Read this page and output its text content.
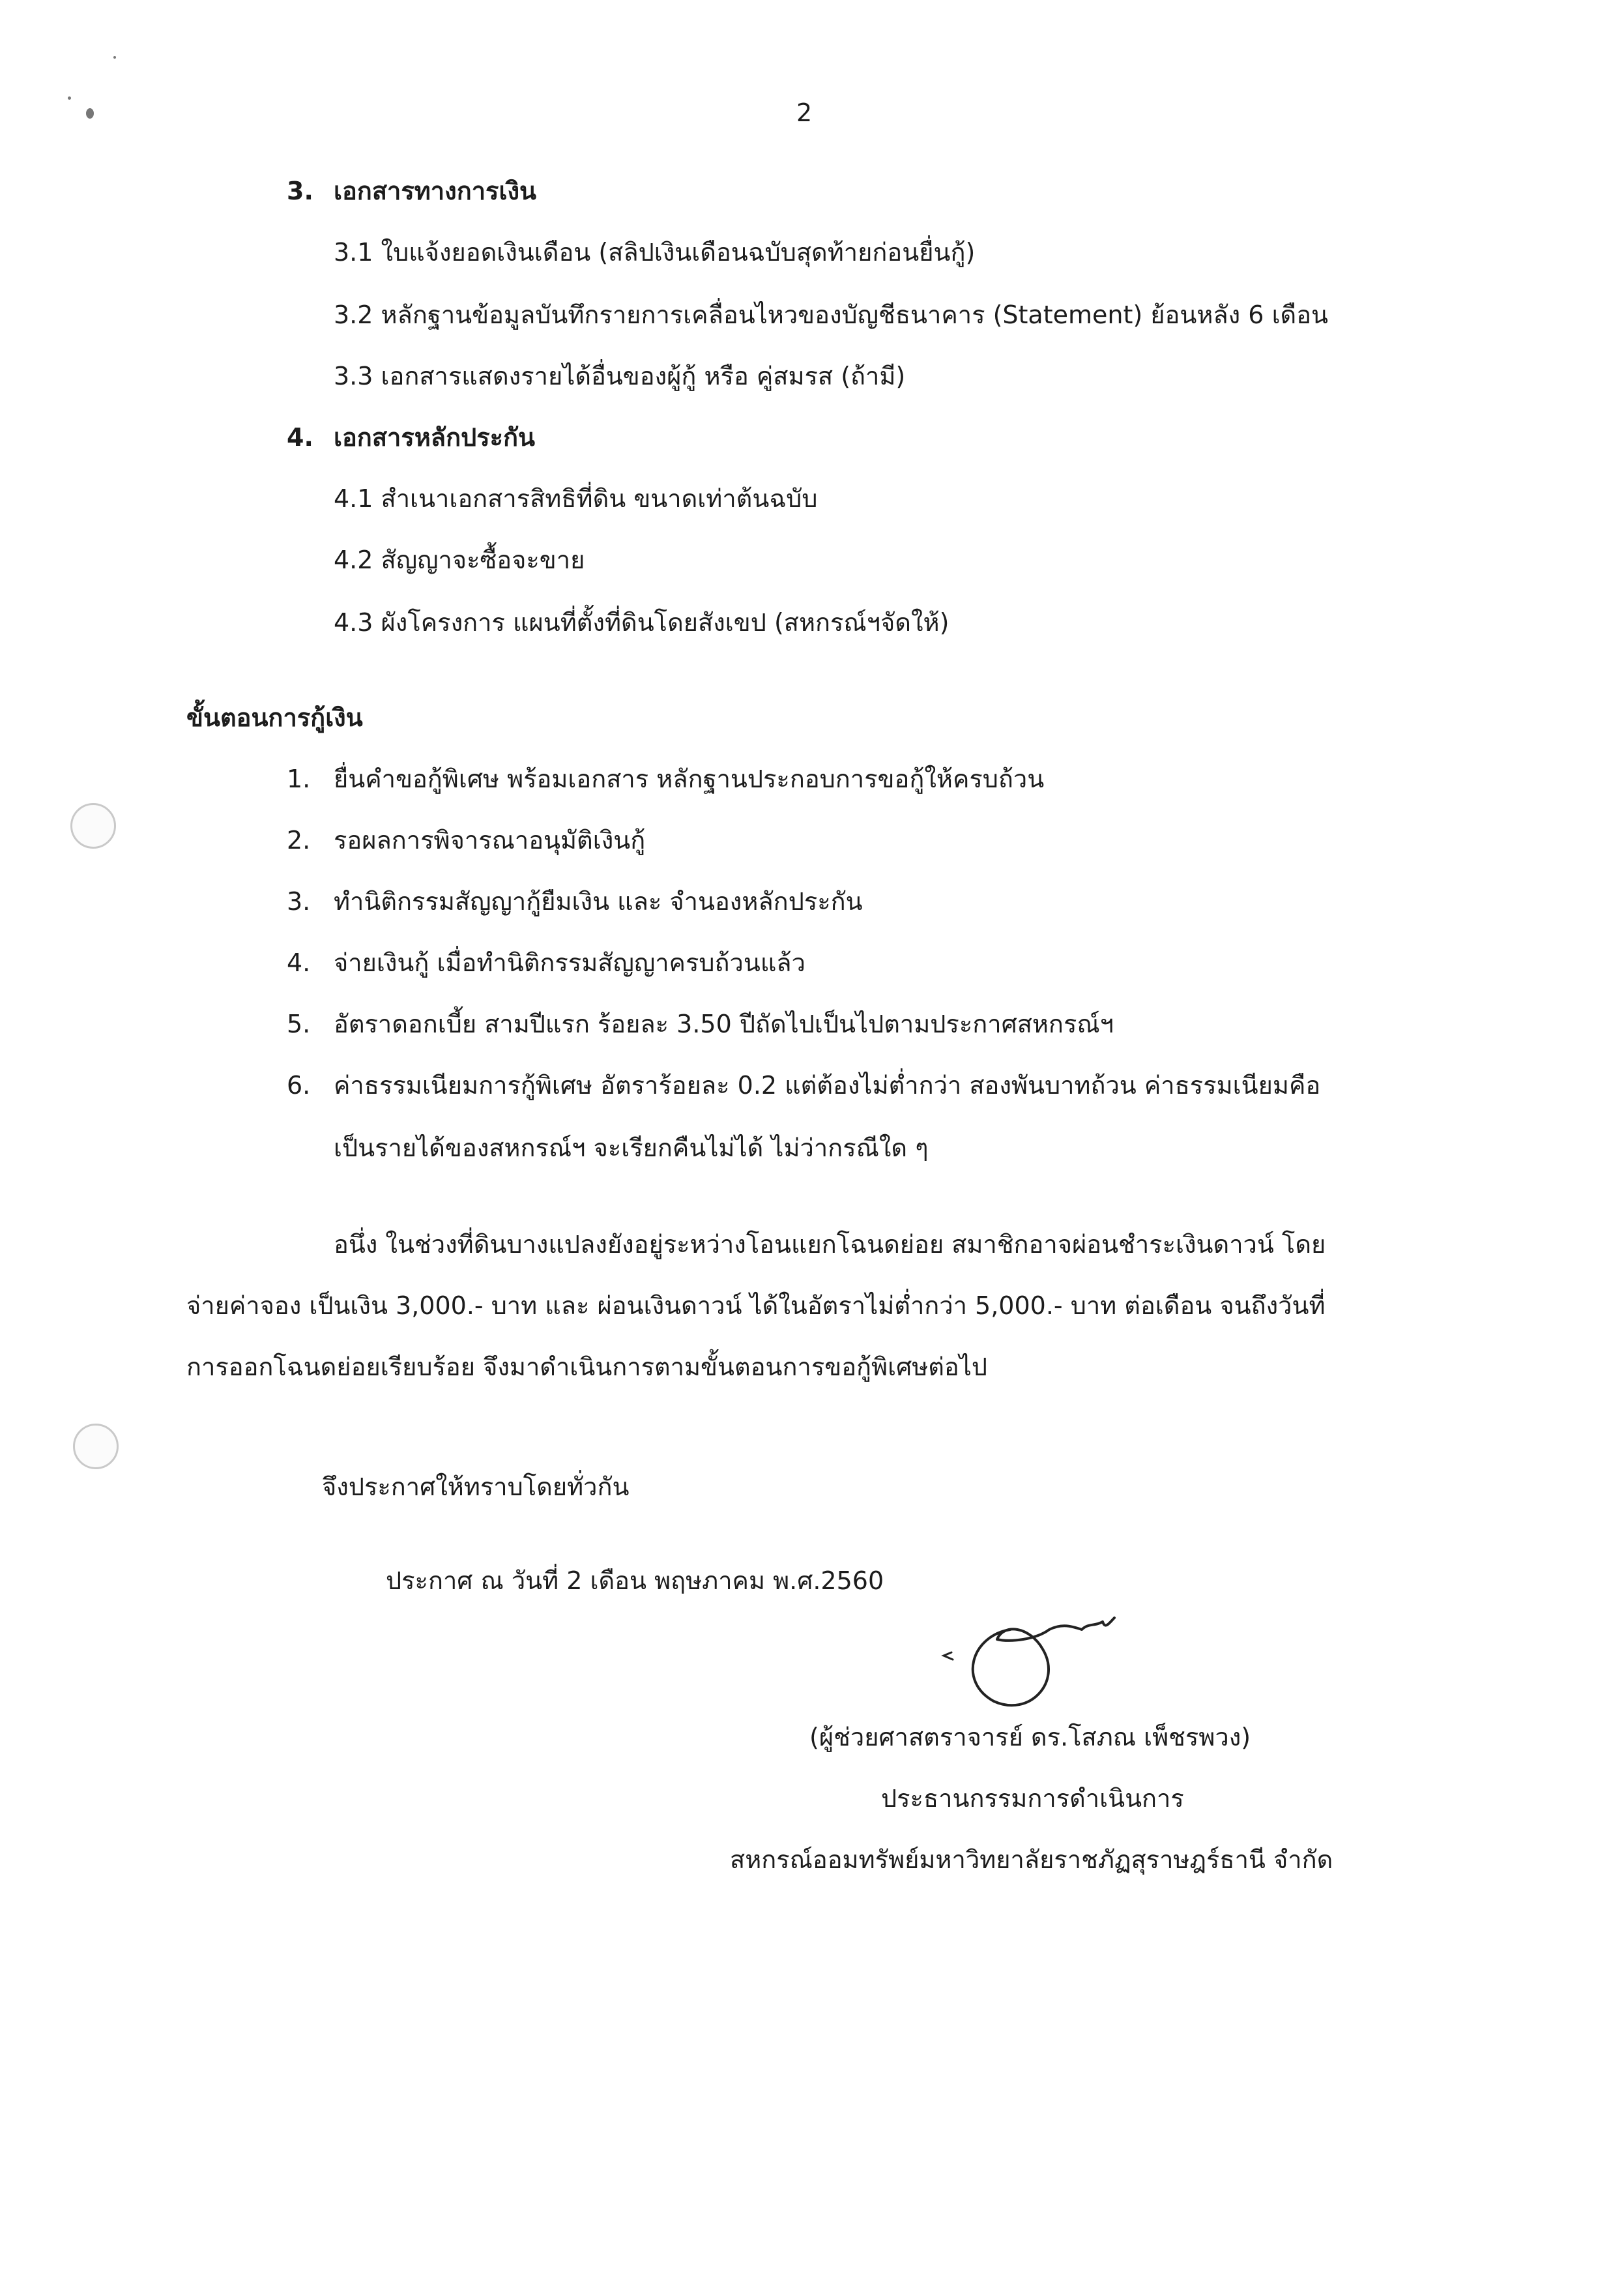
2
3. เอกสารทางการเงิน
3.1 ใบแจ้งยอดเงินเดือน (สลิปเงินเดือนฉบับสุดท้ายก่อนยื่นกู้)
3.2 หลักฐานข้อมูลบันทึกรายการเคลื่อนไหวของบัญชีธนาคาร (Statement) ย้อนหลัง 6 เดือน
3.3 เอกสารแสดงรายได้อื่นของผู้กู้ หรือ คู่สมรส (ถ้ามี)
4. เอกสารหลักประกัน
4.1 สำเนาเอกสารสิทธิที่ดิน ขนาดเท่าต้นฉบับ
4.2 สัญญาจะซื้อจะขาย
4.3 ผังโครงการ แผนที่ตั้งที่ดินโดยสังเขป (สหกรณ์ฯจัดให้)
ขั้นตอนการกู้เงิน
1. ยื่นคำขอกู้พิเศษ พร้อมเอกสาร หลักฐานประกอบการขอกู้ให้ครบถ้วน
2. รอผลการพิจารณาอนุมัติเงินกู้
3. ทำนิติกรรมสัญญากู้ยืมเงิน และ จำนองหลักประกัน
4. จ่ายเงินกู้ เมื่อทำนิติกรรมสัญญาครบถ้วนแล้ว
5. อัตราดอกเบี้ย สามปีแรก ร้อยละ 3.50 ปีถัดไปเป็นไปตามประกาศสหกรณ์ฯ
6. ค่าธรรมเนียมการกู้พิเศษ อัตราร้อยละ 0.2 แต่ต้องไม่ต่ำกว่า สองพันบาทถ้วน ค่าธรรมเนียมคือ
เป็นรายได้ของสหกรณ์ฯ จะเรียกคืนไม่ได้ ไม่ว่ากรณีใด ๆ
อนึ่ง ในช่วงที่ดินบางแปลงยังอยู่ระหว่างโอนแยกโฉนดย่อย สมาชิกอาจผ่อนชำระเงินดาวน์ โดย
จ่ายค่าจอง เป็นเงิน 3,000.- บาท และ ผ่อนเงินดาวน์ ได้ในอัตราไม่ต่ำกว่า 5,000.- บาท ต่อเดือน จนถึงวันที่
การออกโฉนดย่อยเรียบร้อย จึงมาดำเนินการตามขั้นตอนการขอกู้พิเศษต่อไป
จึงประกาศให้ทราบโดยทั่วกัน
ประกาศ ณ วันที่ 2 เดือน พฤษภาคม พ.ศ.2560
(ผู้ช่วยศาสตราจารย์ ดร.โสภณ เพ็ชรพวง)
ประธานกรรมการดำเนินการ
สหกรณ์ออมทรัพย์มหาวิทยาลัยราชภัฏสุราษฎร์ธานี จำกัด
